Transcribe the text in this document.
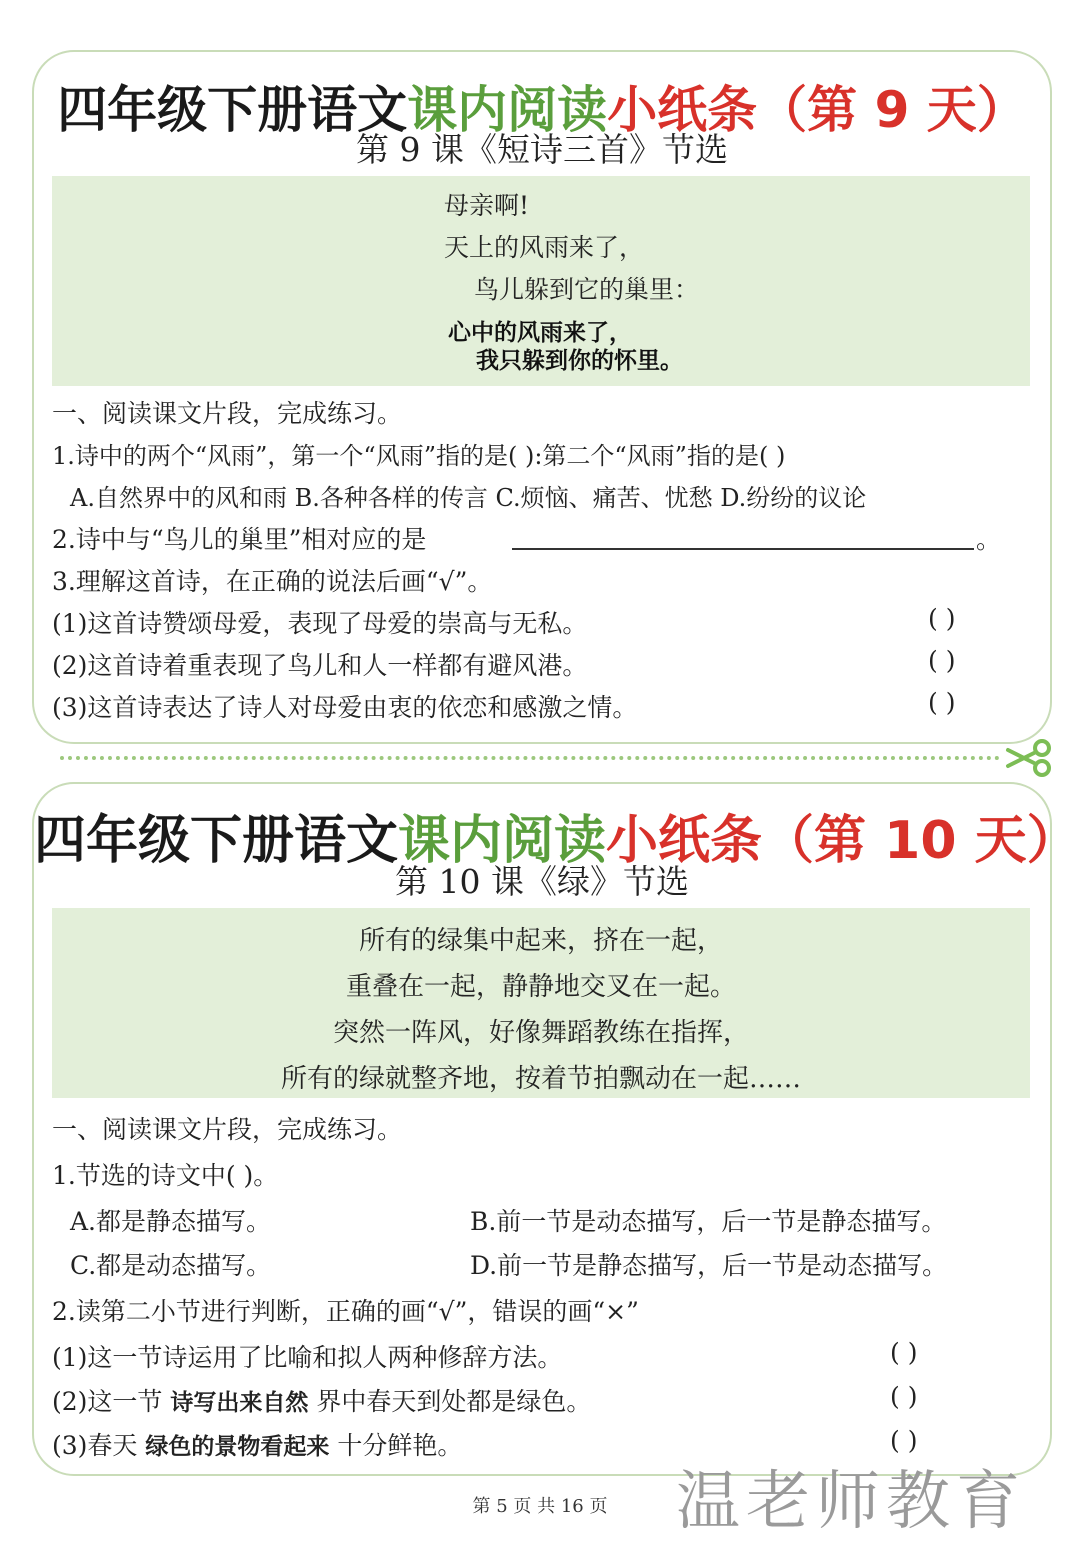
四年级下册语文课内阅读小纸条（第 9 天）
第 9 课《短诗三首》节选
母亲啊!
天上的风雨来了，
鸟儿躲到它的巢里：
心中的风雨来了，
我只躲到你的怀里。
一、阅读课文片段，完成练习。
1.诗中的两个“风雨”，第一个“风雨”指的是( ):第二个“风雨”指的是( )
A.自然界中的风和雨 B.各种各样的传言 C.烦恼、痛苦、忧愁 D.纷纷的议论
2.诗中与“鸟儿的巢里”相对应的是	。
3.理解这首诗，在正确的说法后画“√”。
(1)这首诗赞颂母爱，表现了母爱的崇高与无私。	( )
(2)这首诗着重表现了鸟儿和人一样都有避风港。	( )
(3)这首诗表达了诗人对母爱由衷的依恋和感激之情。	( )
四年级下册语文课内阅读小纸条（第 10 天）
第 10 课《绿》节选
所有的绿集中起来，挤在一起，
重叠在一起，静静地交叉在一起。
突然一阵风，好像舞蹈教练在指挥，
所有的绿就整齐地，按着节拍飘动在一起……
一、阅读课文片段，完成练习。
1.节选的诗文中( )。
A.都是静态描写。	B.前一节是动态描写，后一节是静态描写。
C.都是动态描写。	D.前一节是静态描写，后一节是动态描写。
2.读第二小节进行判断，正确的画“√”，错误的画“×”
(1)这一节诗运用了比喻和拟人两种修辞方法。	( )
(2)这一节 诗写出来自然 界中春天到处都是绿色。	( )
(3)春天 绿色的景物看起来 十分鲜艳。	( )
第 5 页 共 16 页	温老师教育
